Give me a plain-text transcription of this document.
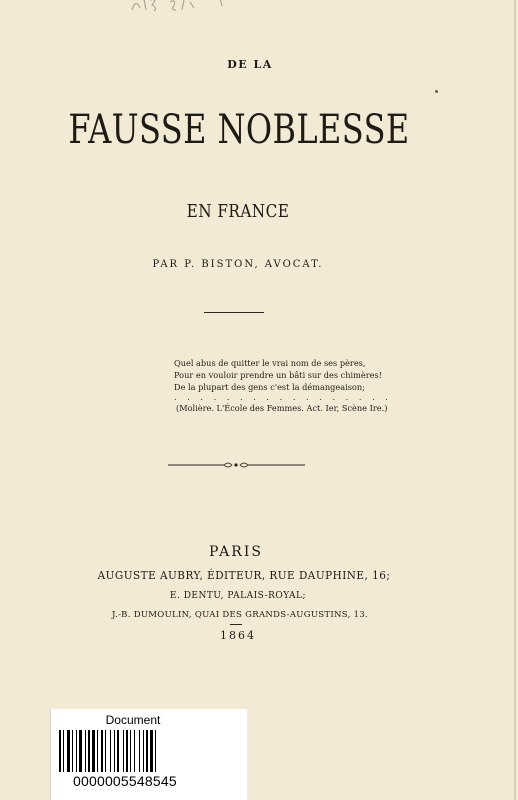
DE LA
FAUSSE NOBLESSE
EN FRANCE
PAR P. BISTON, AVOCAT.
Quel abus de quitter le vrai nom de ses pères,
Pour en vouloir prendre un bâti sur des chimères!
De la plupart des gens c'est la démangeaison;
. . . . . . . . . . . . . . . . .
(Molière. L'École des Femmes. Act. Ier, Scène Ire.)
PARIS
AUGUSTE AUBRY, ÉDITEUR, RUE DAUPHINE, 16;
E. DENTU, PALAIS-ROYAL;
J.-B. DUMOULIN, QUAI DES GRANDS-AUGUSTINS, 13.
1864
Document
0000005548545
